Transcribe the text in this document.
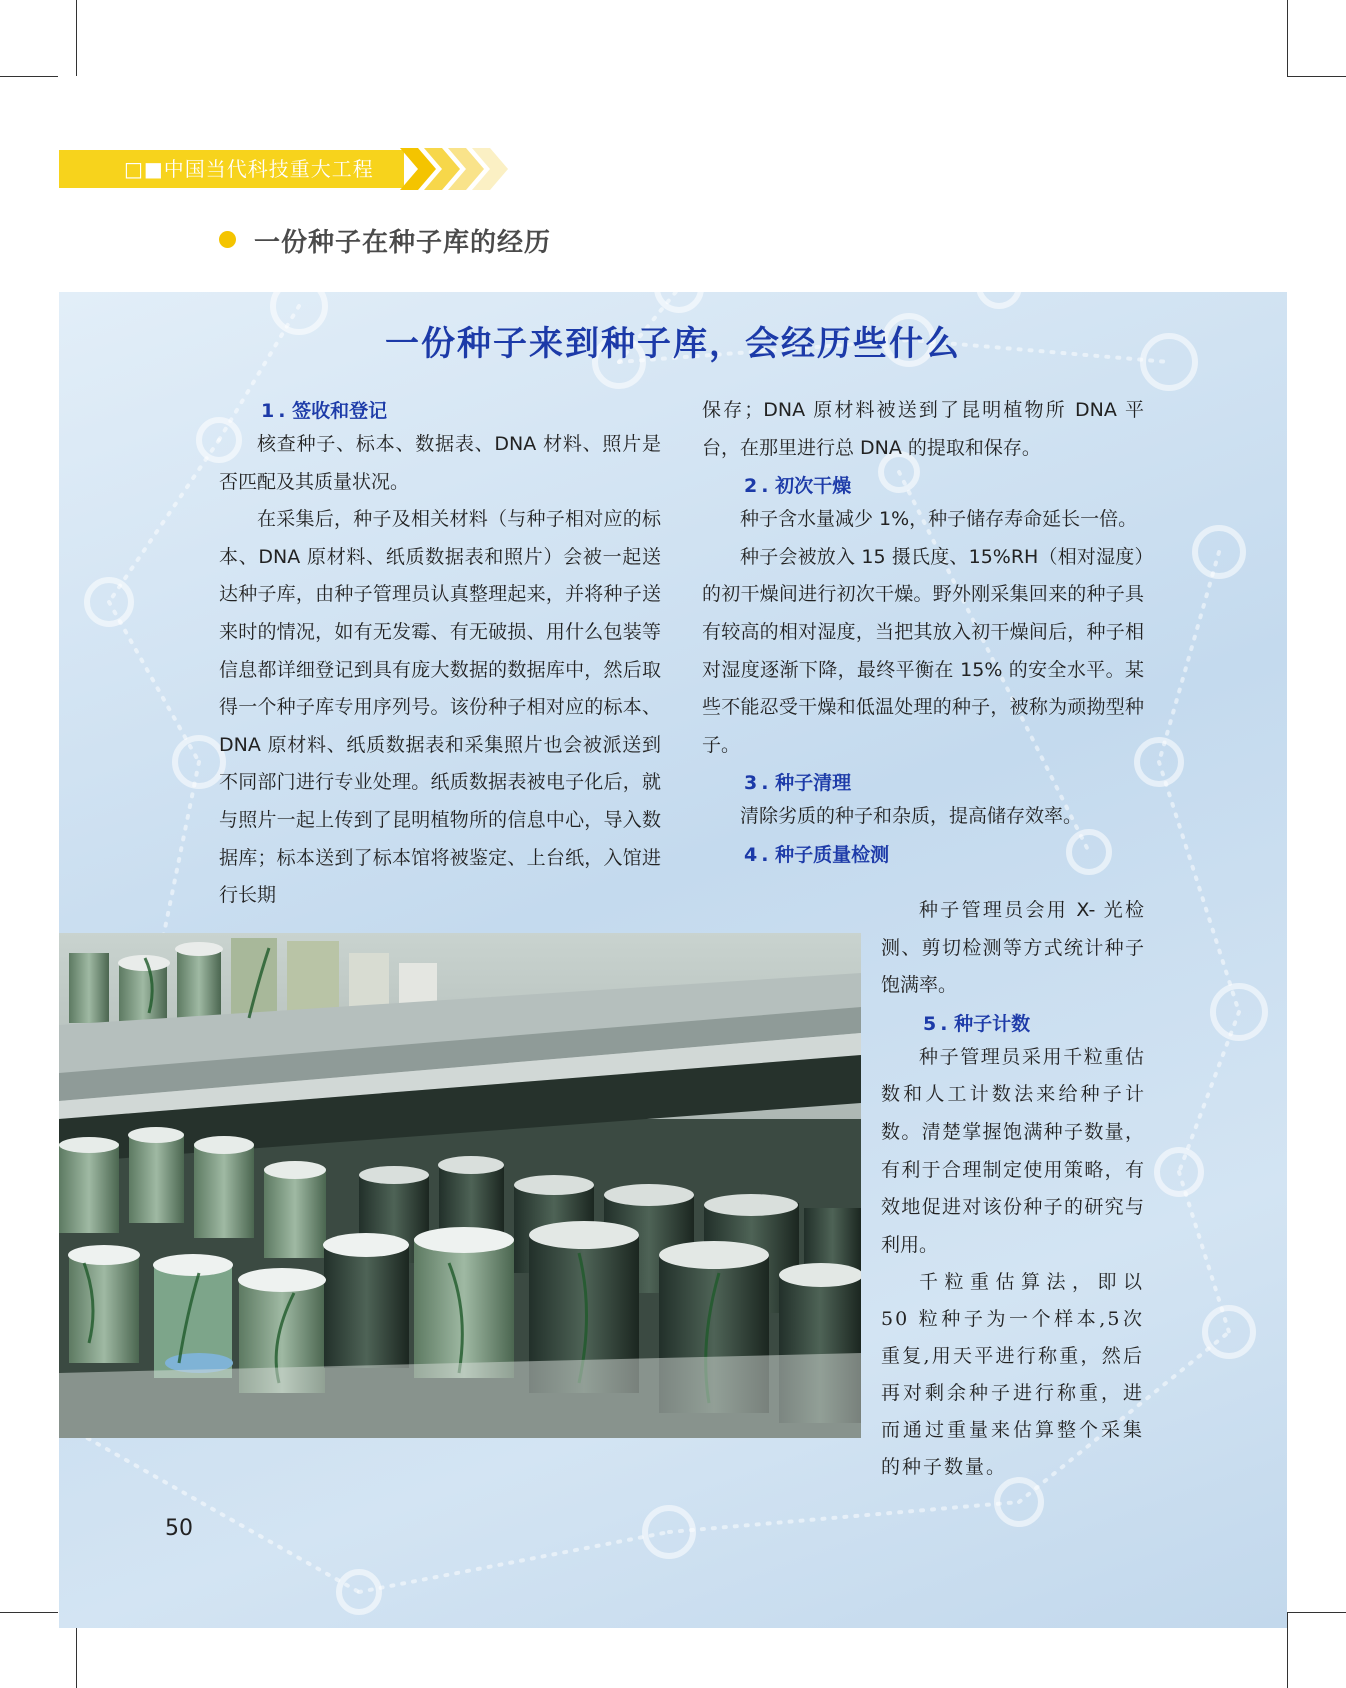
□■中国当代科技重大工程
一份种子在种子库的经历
一份种子来到种子库，会经历些什么
1 . 签收和登记

核查种子、标本、数据表、DNA 材料、照片是否匹配及其质量状况。

在采集后，种子及相关材料（与种子相对应的标本、DNA 原材料、纸质数据表和照片）会被一起送达种子库，由种子管理员认真整理起来，并将种子送来时的情况，如有无发霉、有无破损、用什么包装等信息都详细登记到具有庞大数据的数据库中，然后取得一个种子库专用序列号。该份种子相对应的标本、DNA 原材料、纸质数据表和采集照片也会被派送到不同部门进行专业处理。纸质数据表被电子化后，就与照片一起上传到了昆明植物所的信息中心，导入数据库；标本送到了标本馆将被鉴定、上台纸，入馆进行长期

保存；DNA 原材料被送到了昆明植物所 DNA 平台，在那里进行总 DNA 的提取和保存。

2 . 初次干燥

种子含水量减少 1%，种子储存寿命延长一倍。

种子会被放入 15 摄氏度、15%RH（相对湿度）的初干燥间进行初次干燥。野外刚采集回来的种子具有较高的相对湿度，当把其放入初干燥间后，种子相对湿度逐渐下降，最终平衡在 15% 的安全水平。某些不能忍受干燥和低温处理的种子，被称为顽拗型种子。

3 . 种子清理

清除劣质的种子和杂质，提高储存效率。

4 . 种子质量检测

种子管理员会用 X- 光检测、剪切检测等方式统计种子饱满率。

5 . 种子计数

种子管理员采用千粒重估数和人工计数法来给种子计数。清楚掌握饱满种子数量，有利于合理制定使用策略，有效地促进对该份种子的研究与利用。

千粒重估算法，即以 50 粒种子为一个样本,5次重复,用天平进行称重，然后再对剩余种子进行称重，进而通过重量来估算整个采集的种子数量。

50
